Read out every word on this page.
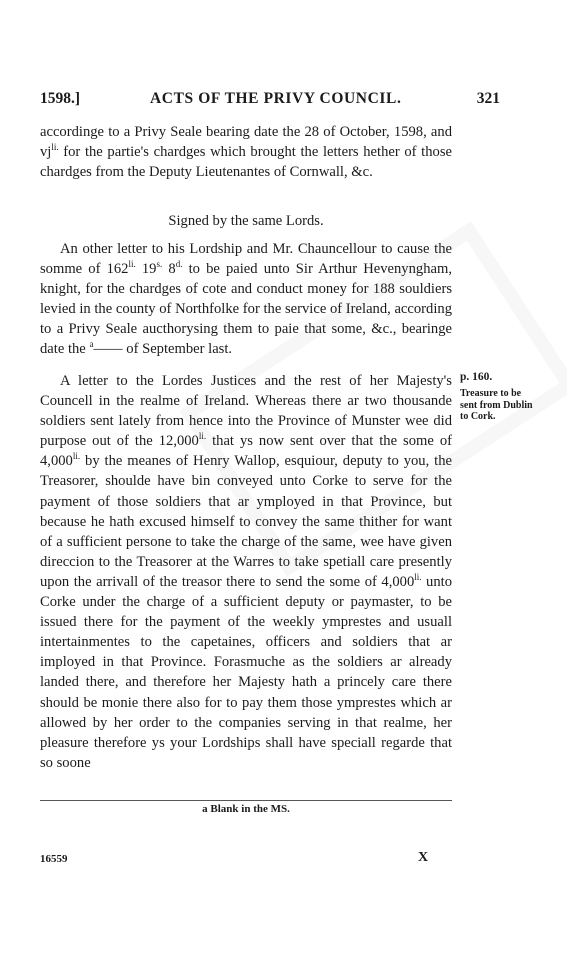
1598.]	ACTS OF THE PRIVY COUNCIL.	321
accordinge to a Privy Seale bearing date the 28 of October, 1598, and $vj^{li.}$ for the partie's chardges which brought the letters hether of those chardges from the Deputy Lieutenantes of Cornwall, &c.
Signed by the same Lords.
An other letter to his Lordship and Mr. Chauncellour to cause the somme of $162^{li.}$ $19^{s.}$ $8^{d.}$ to be paied unto Sir Arthur Hevenyngham, knight, for the chardges of cote and conduct money for 188 souldiers levied in the county of Northfolke for the service of Ireland, according to a Privy Seale aucthorysing them to paie that some, &c., bearinge date the $^a$—— of September last.
p. 160.
Treasure to be sent from Dublin to Cork.
A letter to the Lordes Justices and the rest of her Majesty's Councell in the realme of Ireland. Whereas there ar two thousande soldiers sent lately from hence into the Province of Munster wee did purpose out of the $12,000^{li.}$ that ys now sent over that the some of $4,000^{li.}$ by the meanes of Henry Wallop, esquiour, deputy to you, the Treasorer, shoulde have bin conveyed unto Corke to serve for the payment of those soldiers that ar ymployed in that Province, but because he hath excused himself to convey the same thither for want of a sufficient persone to take the charge of the same, wee have given direccion to the Treasorer at the Warres to take spetiall care presently upon the arrivall of the treasor there to send the some of $4,000^{li.}$ unto Corke under the charge of a sufficient deputy or paymaster, to be issued there for the payment of the weekly ymprestes and usuall intertainmentes to the capetaines, officers and soldiers that ar imployed in that Province. Forasmuche as the soldiers ar already landed there, and therefore her Majesty hath a princely care there should be monie there also for to pay them those ymprestes which ar allowed by her order to the companies serving in that realme, her pleasure therefore ys your Lordships shall have speciall regarde that so soone
a Blank in the MS.
16559	X
